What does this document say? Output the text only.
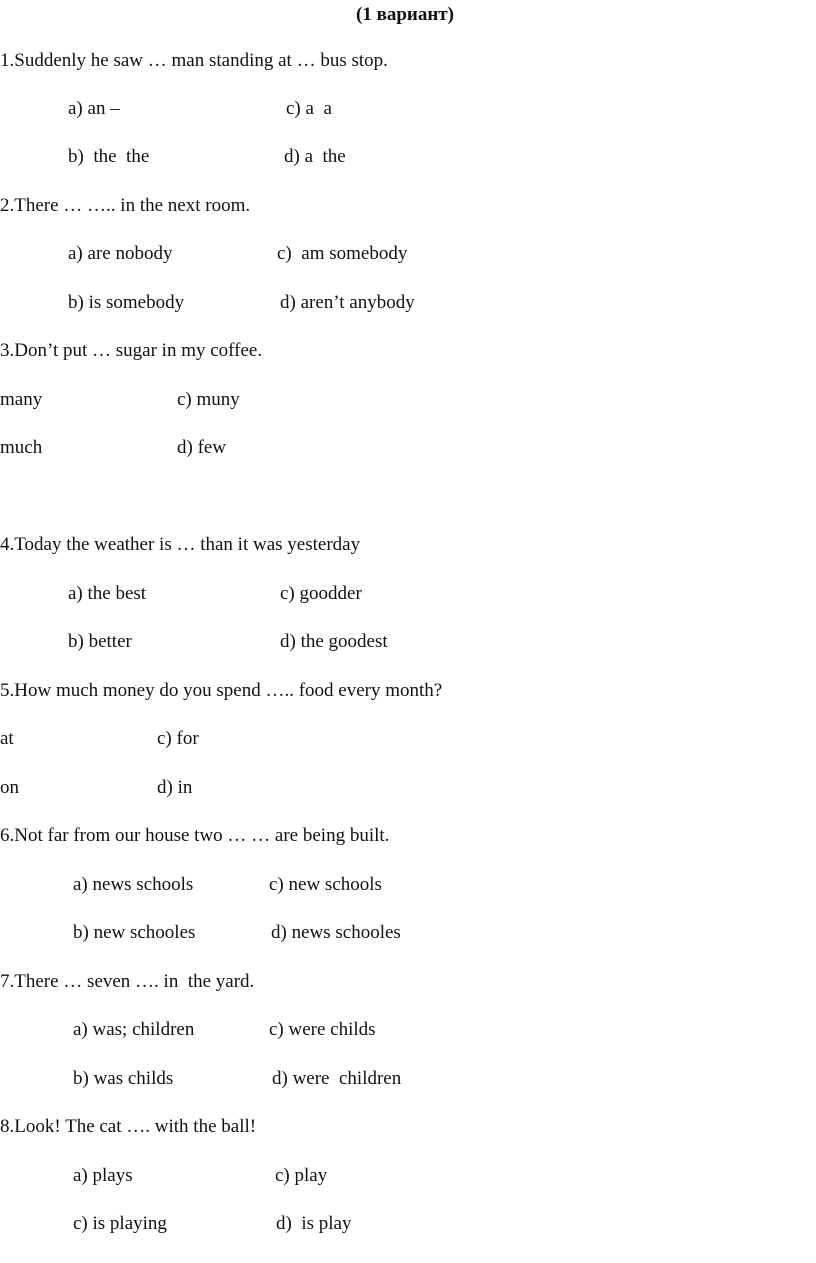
(1 вариант)
1.Suddenly he saw … man standing at … bus stop.
a) an –	c) a  a
b)  the  the	d) a  the
2.There … ….. in the next room.
a) are nobody	c)  am somebody
b) is somebody	d) aren’t anybody
3.Don’t put … sugar in my coffee.
many	c) muny
much	d) few
4.Today the weather is … than it was yesterday
a) the best	c) goodder
b) better	d) the goodest
5.How much money do you spend ….. food every month?
at	c) for
on	d) in
6.Not far from our house two … … are being built.
a) news schools	c) new schools
b) new schooles	d) news schooles
7.There … seven …. in  the yard.
a) was; children	c) were childs
b) was childs	d) were  children
8.Look! The cat …. with the ball!
a) plays	c) play
c) is playing	d)  is play
